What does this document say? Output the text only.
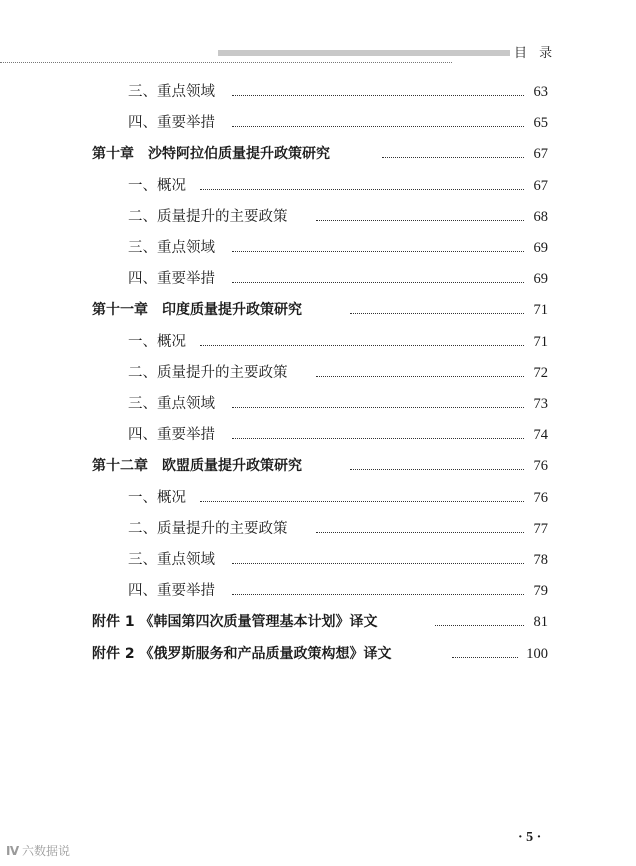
目 录
三、重点领域	63
四、重要举措	65
第十章　沙特阿拉伯质量提升政策研究	67
一、概况	67
二、质量提升的主要政策	68
三、重点领域	69
四、重要举措	69
第十一章　印度质量提升政策研究	71
一、概况	71
二、质量提升的主要政策	72
三、重点领域	73
四、重要举措	74
第十二章　欧盟质量提升政策研究	76
一、概况	76
二、质量提升的主要政策	77
三、重点领域	78
四、重要举措	79
附件 1 《韩国第四次质量管理基本计划》译文	81
附件 2 《俄罗斯服务和产品质量政策构想》译文	100
· 5 ·
Ⅳ 六数据说
